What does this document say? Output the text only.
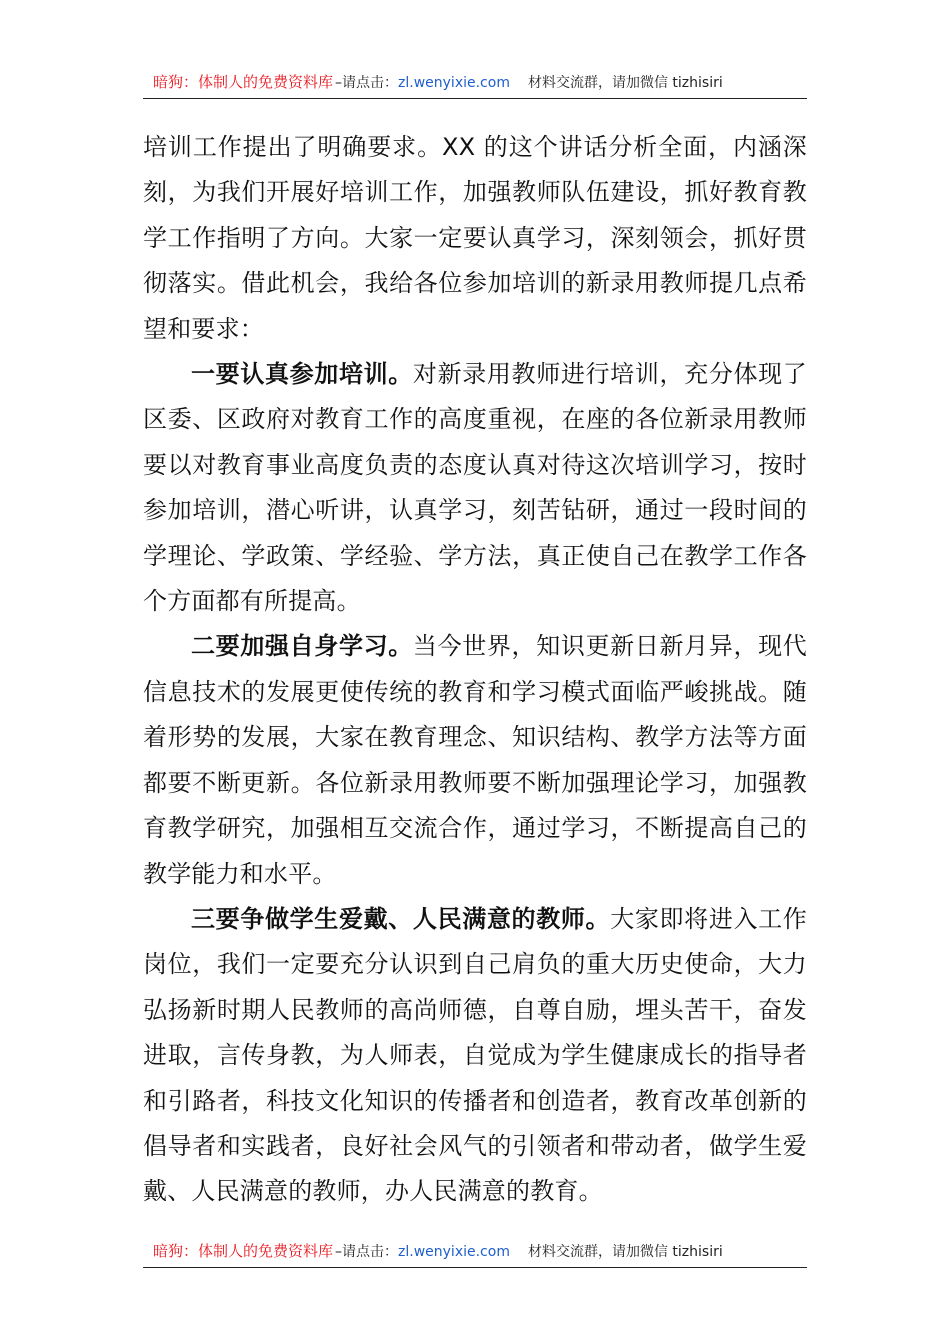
暗狗：体制人的免费资料库 –请点击：zl.wenyixie.com 材料交流群，请加微信 tizhisiri

培训工作提出了明确要求。XX 的这个讲话分析全面，内涵深刻，为我们开展好培训工作，加强教师队伍建设，抓好教育教学工作指明了方向。大家一定要认真学习，深刻领会，抓好贯彻落实。借此机会，我给各位参加培训的新录用教师提几点希望和要求：

一要认真参加培训。对新录用教师进行培训，充分体现了区委、区政府对教育工作的高度重视，在座的各位新录用教师要以对教育事业高度负责的态度认真对待这次培训学习，按时参加培训，潜心听讲，认真学习，刻苦钻研，通过一段时间的学理论、学政策、学经验、学方法，真正使自己在教学工作各个方面都有所提高。

二要加强自身学习。当今世界，知识更新日新月异，现代信息技术的发展更使传统的教育和学习模式面临严峻挑战。随着形势的发展，大家在教育理念、知识结构、教学方法等方面都要不断更新。各位新录用教师要不断加强理论学习，加强教育教学研究，加强相互交流合作，通过学习，不断提高自己的教学能力和水平。

三要争做学生爱戴、人民满意的教师。大家即将进入工作岗位，我们一定要充分认识到自己肩负的重大历史使命，大力弘扬新时期人民教师的高尚师德，自尊自励，埋头苦干，奋发进取，言传身教，为人师表，自觉成为学生健康成长的指导者和引路者，科技文化知识的传播者和创造者，教育改革创新的倡导者和实践者，良好社会风气的引领者和带动者，做学生爱戴、人民满意的教师，办人民满意的教育。

暗狗：体制人的免费资料库 –请点击：zl.wenyixie.com 材料交流群，请加微信 tizhisiri
